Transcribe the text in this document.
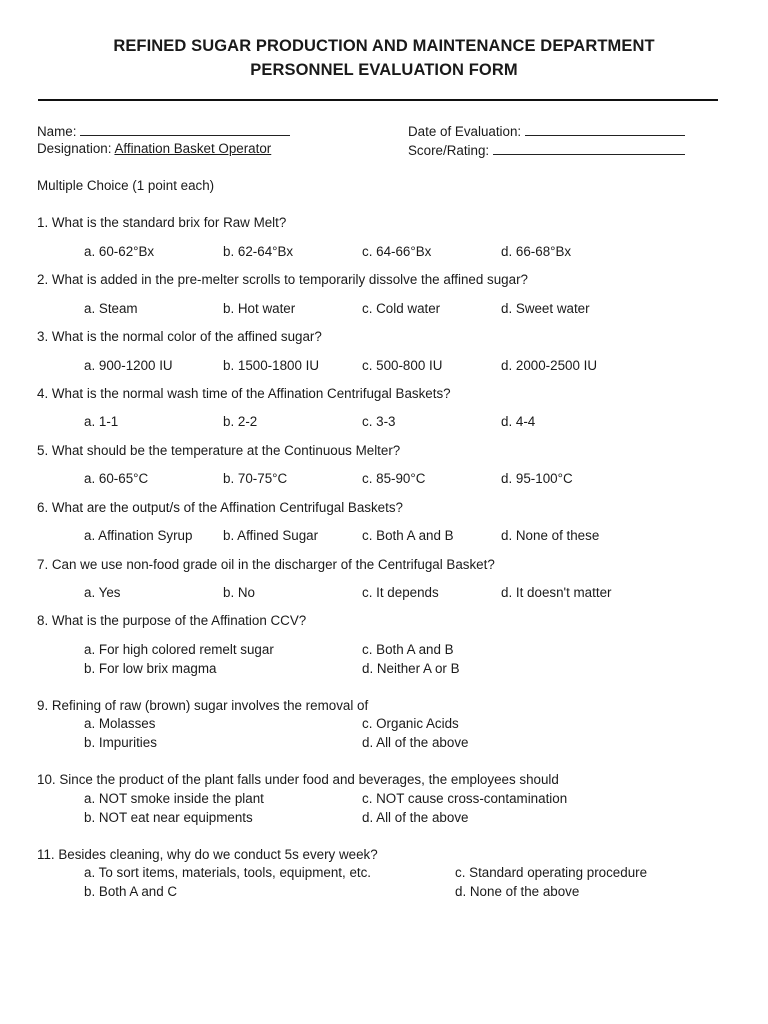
REFINED SUGAR PRODUCTION AND MAINTENANCE DEPARTMENT
PERSONNEL EVALUATION FORM
Name:	Date of Evaluation:
Designation: Affination Basket Operator	Score/Rating:
Multiple Choice (1 point each)
1. What is the standard brix for Raw Melt?
a. 60-62°Bx	b. 62-64°Bx	c. 64-66°Bx	d. 66-68°Bx
2. What is added in the pre-melter scrolls to temporarily dissolve the affined sugar?
a. Steam	b. Hot water	c. Cold water	d. Sweet water
3. What is the normal color of the affined sugar?
a. 900-1200 IU	b. 1500-1800 IU	c. 500-800 IU	d. 2000-2500 IU
4. What is the normal wash time of the Affination Centrifugal Baskets?
a. 1-1	b. 2-2	c. 3-3	d. 4-4
5. What should be the temperature at the Continuous Melter?
a. 60-65°C	b. 70-75°C	c. 85-90°C	d. 95-100°C
6. What are the output/s of the Affination Centrifugal Baskets?
a. Affination Syrup b. Affined Sugar	c. Both A and B	d. None of these
7. Can we use non-food grade oil in the discharger of the Centrifugal Basket?
a. Yes	b. No	c. It depends	d. It doesn't matter
8. What is the purpose of the Affination CCV?
a. For high colored remelt sugar	c. Both A and B
b. For low brix magma	d. Neither A or B
9. Refining of raw (brown) sugar involves the removal of
a. Molasses	c. Organic Acids
b. Impurities	d. All of the above
10. Since the product of the plant falls under food and beverages, the employees should
a. NOT smoke inside the plant	c. NOT cause cross-contamination
b. NOT eat near equipments	d. All of the above
11. Besides cleaning, why do we conduct 5s every week?
a. To sort items, materials, tools, equipment, etc.	c. Standard operating procedure
b. Both A and C	d. None of the above
